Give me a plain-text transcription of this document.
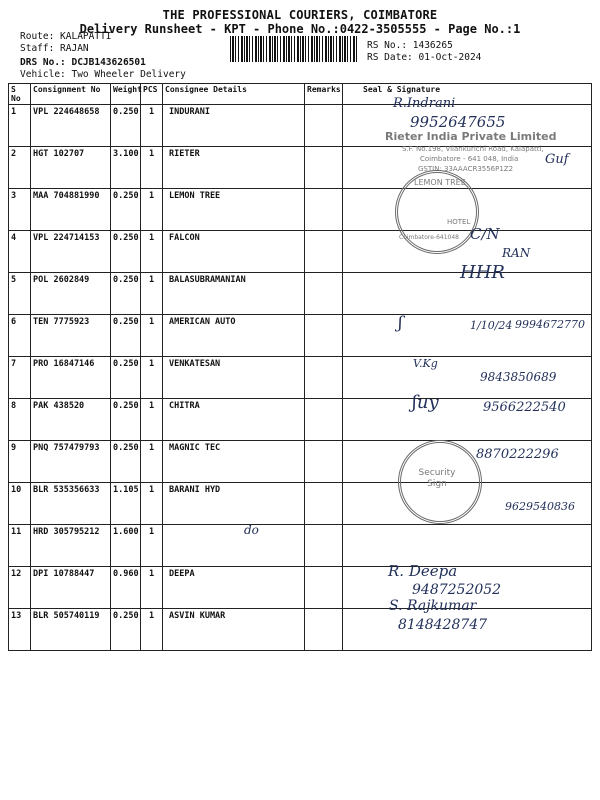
THE PROFESSIONAL COURIERS, COIMBATORE
Delivery Runsheet - KPT - Phone No.:0422-3505555 - Page No.:1
Route: KALAPATTI
Staff: RAJAN
DRS No.: DCJB143626501
Vehicle: Two Wheeler Delivery
RS No.: 1436265
RS Date: 01-Oct-2024
S No	Consignment No	Weight	PCS	Consignee Details	Remarks	Seal & Signature
1	VPL 224648658	0.250	1	INDURANI		
2	HGT 102707	3.100	1	RIETER		
3	MAA 704881990	0.250	1	LEMON TREE		
4	VPL 224714153	0.250	1	FALCON		
5	POL 2602849	0.250	1	BALASUBRAMANIAN		
6	TEN 7775923	0.250	1	AMERICAN AUTO		
7	PRO 16847146	0.250	1	VENKATESAN		
8	PAK 438520	0.250	1	CHITRA		
9	PNQ 757479793	0.250	1	MAGNIC TEC		
10	BLR 535356633	1.105	1	BARANI HYD		
11	HRD 305795212	1.600	1			
12	DPI 10788447	0.960	1	DEEPA		
13	BLR 505740119	0.250	1	ASVIN KUMAR		
R.Indrani
9952647655
Rieter India Private Limited
S.F. No.198, Vilankurichi Road, Kalapatti,
Coimbatore - 641 048, India
GSTIN: 33AAACR3556P1Z2
Guf
LEMON TREE
HOTEL
Coimbatore-641048 C/N
RAN
HHR
ʃ	1/10/24 9994672770
V.Kg
9843850689
ʃuy	9566222540
Security Sign
8870222296
do
9629540836
R. Deepa
9487252052
S. Rajkumar
8148428747
